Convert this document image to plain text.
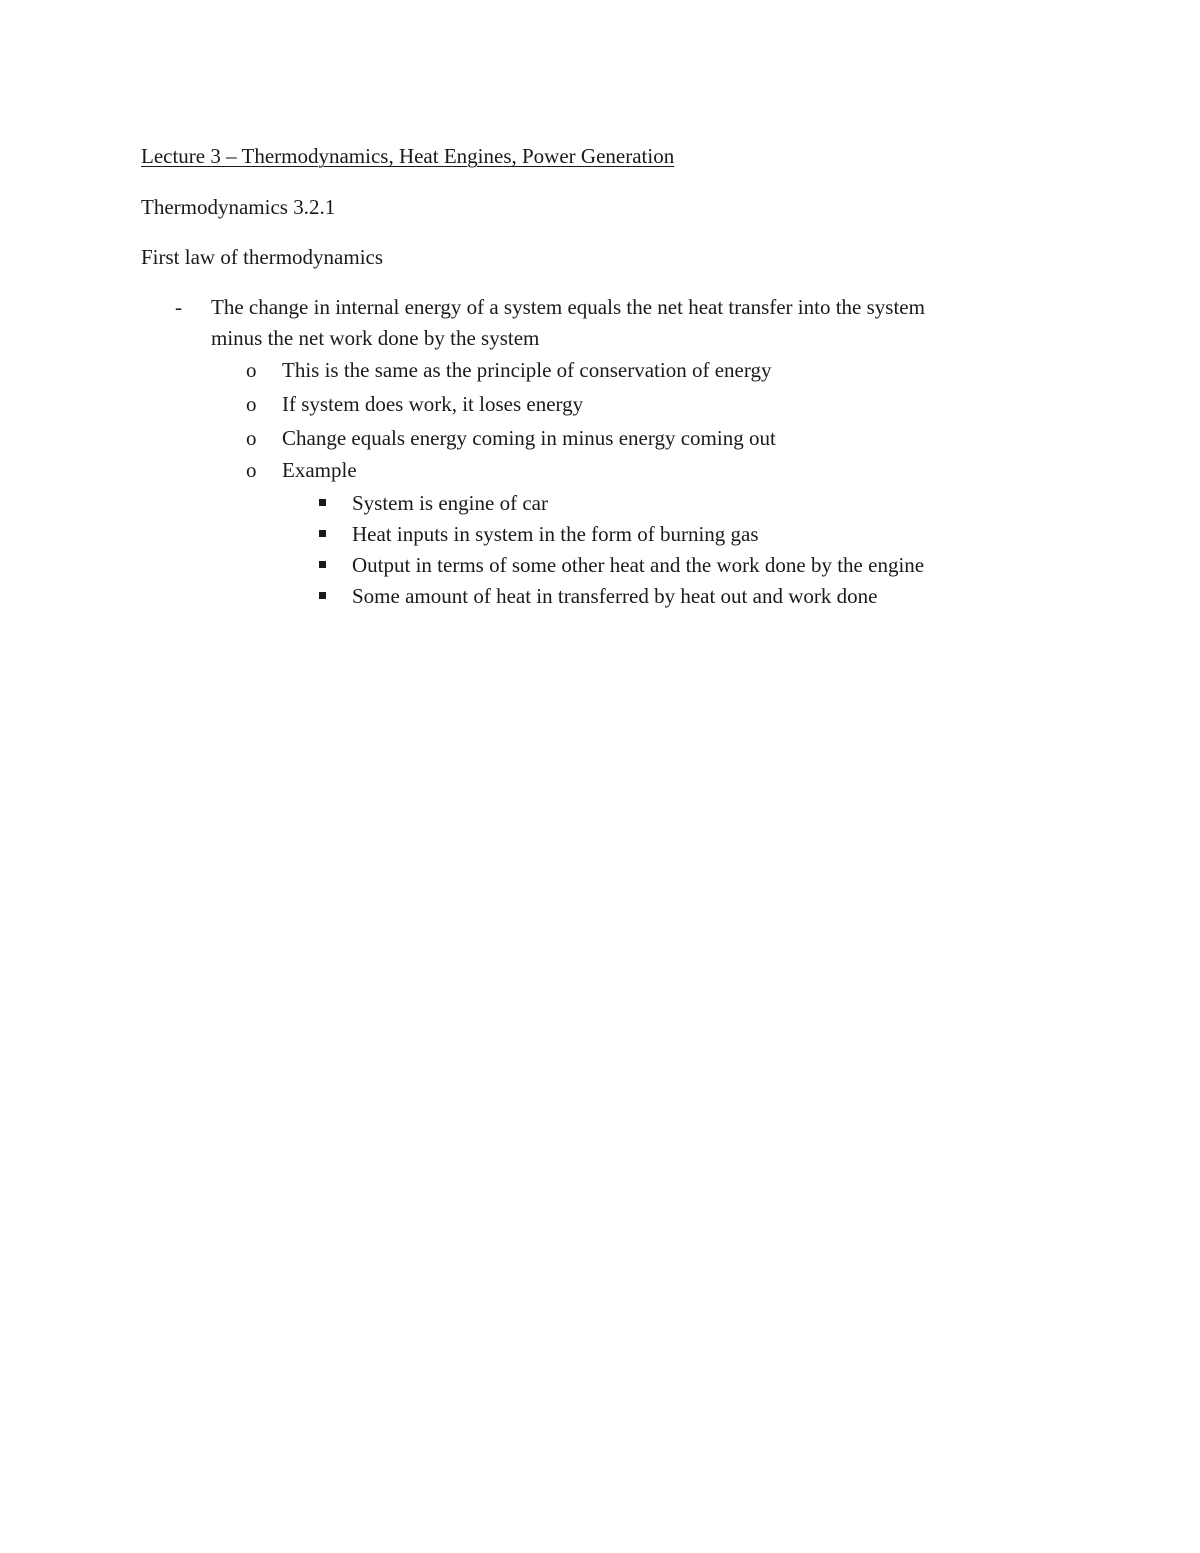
Lecture 3 – Thermodynamics, Heat Engines, Power Generation
Thermodynamics 3.2.1
First law of thermodynamics
- The change in internal energy of a system equals the net heat transfer into the system
minus the net work done by the system
o This is the same as the principle of conservation of energy
o If system does work, it loses energy
o Change equals energy coming in minus energy coming out
o Example
System is engine of car
Heat inputs in system in the form of burning gas
Output in terms of some other heat and the work done by the engine
Some amount of heat in transferred by heat out and work done
